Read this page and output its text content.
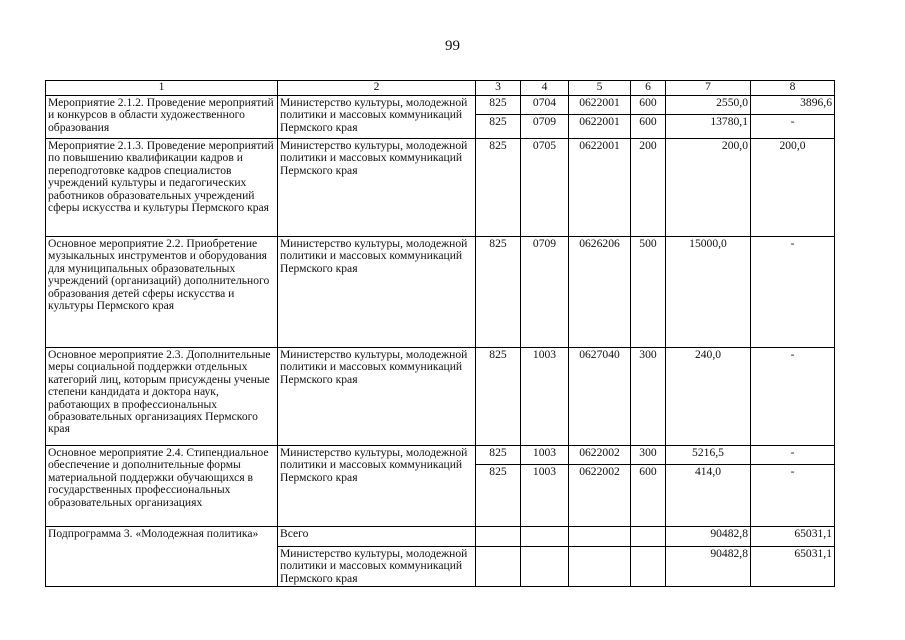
99
1	2	3	4	5	6	7	8
Мероприятие 2.1.2. Проведение мероприятий и конкурсов в области художественного образования	Министерство культуры, молодежной политики и массовых коммуникаций Пермского края	825	0704	0622001	600	2550,0	3896,6
		825	0709	0622001	600	13780,1	-
Мероприятие 2.1.3. Проведение мероприятий по повышению квалификации кадров и переподготовке кадров специалистов учреждений культуры и педагогических работников образовательных учреждений сферы искусства и культуры Пермского края	Министерство культуры, молодежной политики и массовых коммуникаций Пермского края	825	0705	0622001	200	200,0	200,0
Основное мероприятие 2.2. Приобретение музыкальных инструментов и оборудования для муниципальных образовательных учреждений (организаций) дополнительного образования детей сферы искусства и культуры Пермского края	Министерство культуры, молодежной политики и массовых коммуникаций Пермского края	825	0709	0626206	500	15000,0	-
Основное мероприятие 2.3. Дополнительные меры социальной поддержки отдельных категорий лиц, которым присуждены ученые степени кандидата и доктора наук, работающих в профессиональных образовательных организациях Пермского края	Министерство культуры, молодежной политики и массовых коммуникаций Пермского края	825	1003	0627040	300	240,0	-
Основное мероприятие 2.4. Стипендиальное обеспечение и дополнительные формы материальной поддержки обучающихся в государственных профессиональных образовательных организациях	Министерство культуры, молодежной политики и массовых коммуникаций Пермского края	825	1003	0622002	300	5216,5	-
		825	1003	0622002	600	414,0	-
Подпрограмма 3. «Молодежная политика»	Всего					90482,8	65031,1
	Министерство культуры, молодежной политики и массовых коммуникаций Пермского края					90482,8	65031,1
